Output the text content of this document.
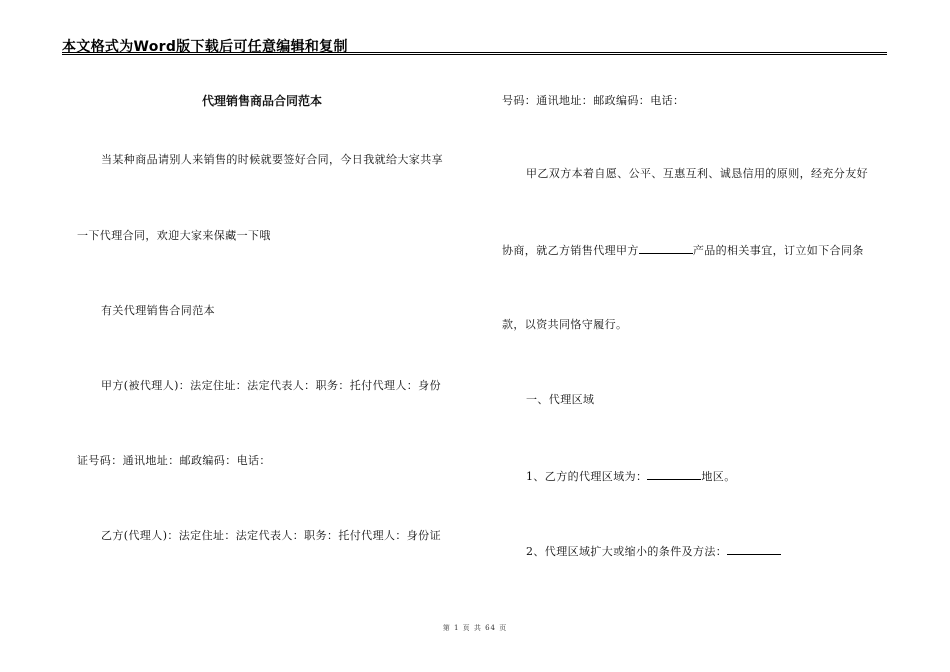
本文格式为Word版下载后可任意编辑和复制
代理销售商品合同范本
当某种商品请别人来销售的时候就要签好合同，今日我就给大家共享
一下代理合同，欢迎大家来保藏一下哦
有关代理销售合同范本
甲方(被代理人)：法定住址：法定代表人：职务：托付代理人：身份
证号码：通讯地址：邮政编码：电话：
乙方(代理人)：法定住址：法定代表人：职务：托付代理人：身份证
号码：通讯地址：邮政编码：电话：
甲乙双方本着自愿、公平、互惠互利、诚恳信用的原则，经充分友好
协商，就乙方销售代理甲方	产品的相关事宜，订立如下合同条
款，以资共同恪守履行。
一、代理区域
1、乙方的代理区域为：	地区。
2、代理区域扩大或缩小的条件及方法：
第 1 页 共 64 页
